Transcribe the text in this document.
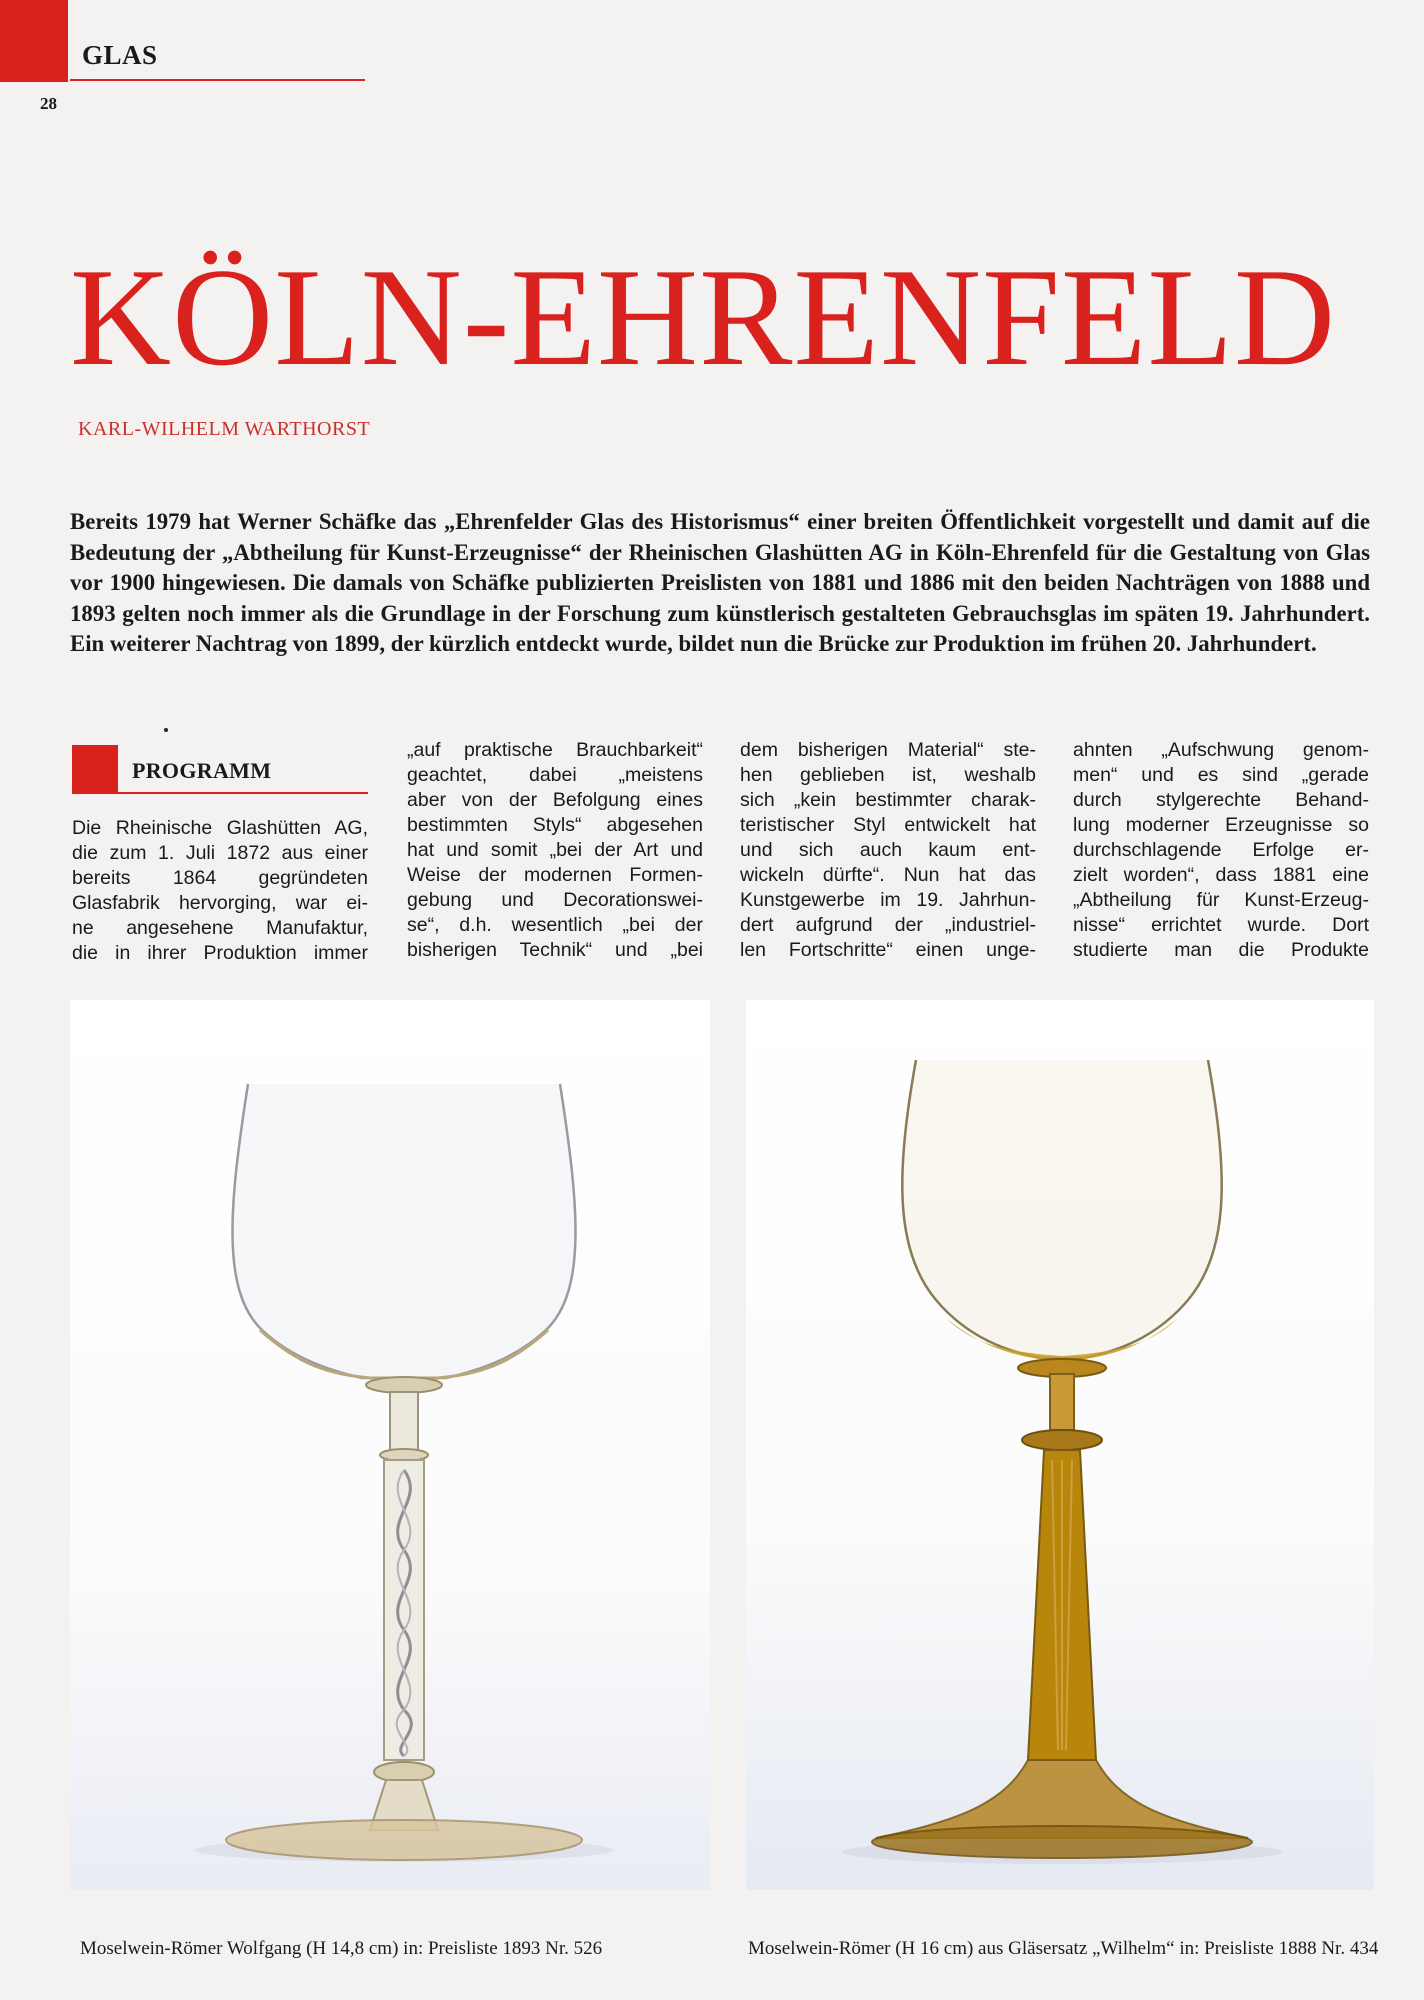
GLAS
28
KÖLN-EHRENFELD
KARL-WILHELM WARTHORST

Bereits 1979 hat Werner Schäfke das „Ehrenfelder Glas des Historismus“ einer breiten Öffentlichkeit vorgestellt und damit auf die Bedeutung der „Abtheilung für Kunst-Erzeugnisse“ der Rheinischen Glashütten AG in Köln-Ehrenfeld für die Gestaltung von Glas vor 1900 hingewiesen. Die damals von Schäfke publizierten Preislisten von 1881 und 1886 mit den beiden Nachträgen von 1888 und 1893 gelten noch immer als die Grundlage in der Forschung zum künstlerisch gestalteten Gebrauchsglas im späten 19. Jahrhundert. Ein weiterer Nachtrag von 1899, der kürzlich entdeckt wurde, bildet nun die Brücke zur Produktion im frühen 20. Jahrhundert.

PROGRAMM
Die Rheinische Glashütten AG,
die zum 1. Juli 1872 aus einer
bereits 1864 gegründeten
Glasfabrik hervorging, war ei-
ne angesehene Manufaktur,
die in ihrer Produktion immer
„auf praktische Brauchbarkeit“
geachtet, dabei „meistens
aber von der Befolgung eines
bestimmten Styls“ abgesehen
hat und somit „bei der Art und
Weise der modernen Formen-
gebung und Decorationswei-
se“, d.h. wesentlich „bei der
bisherigen Technik“ und „bei
dem bisherigen Material“ ste-
hen geblieben ist, weshalb
sich „kein bestimmter charak-
teristischer Styl entwickelt hat
und sich auch kaum ent-
wickeln dürfte“. Nun hat das
Kunstgewerbe im 19. Jahrhun-
dert aufgrund der „industriel-
len Fortschritte“ einen unge-
ahnten „Aufschwung genom-
men“ und es sind „gerade
durch stylgerechte Behand-
lung moderner Erzeugnisse so
durchschlagende Erfolge er-
zielt worden“, dass 1881 eine
„Abtheilung für Kunst-Erzeug-
nisse“ errichtet wurde. Dort
studierte man die Produkte
Moselwein-Römer Wolfgang (H 14,8 cm) in: Preisliste 1893 Nr. 526	Moselwein-Römer (H 16 cm) aus Gläsersatz „Wilhelm“ in: Preisliste 1888 Nr. 434
